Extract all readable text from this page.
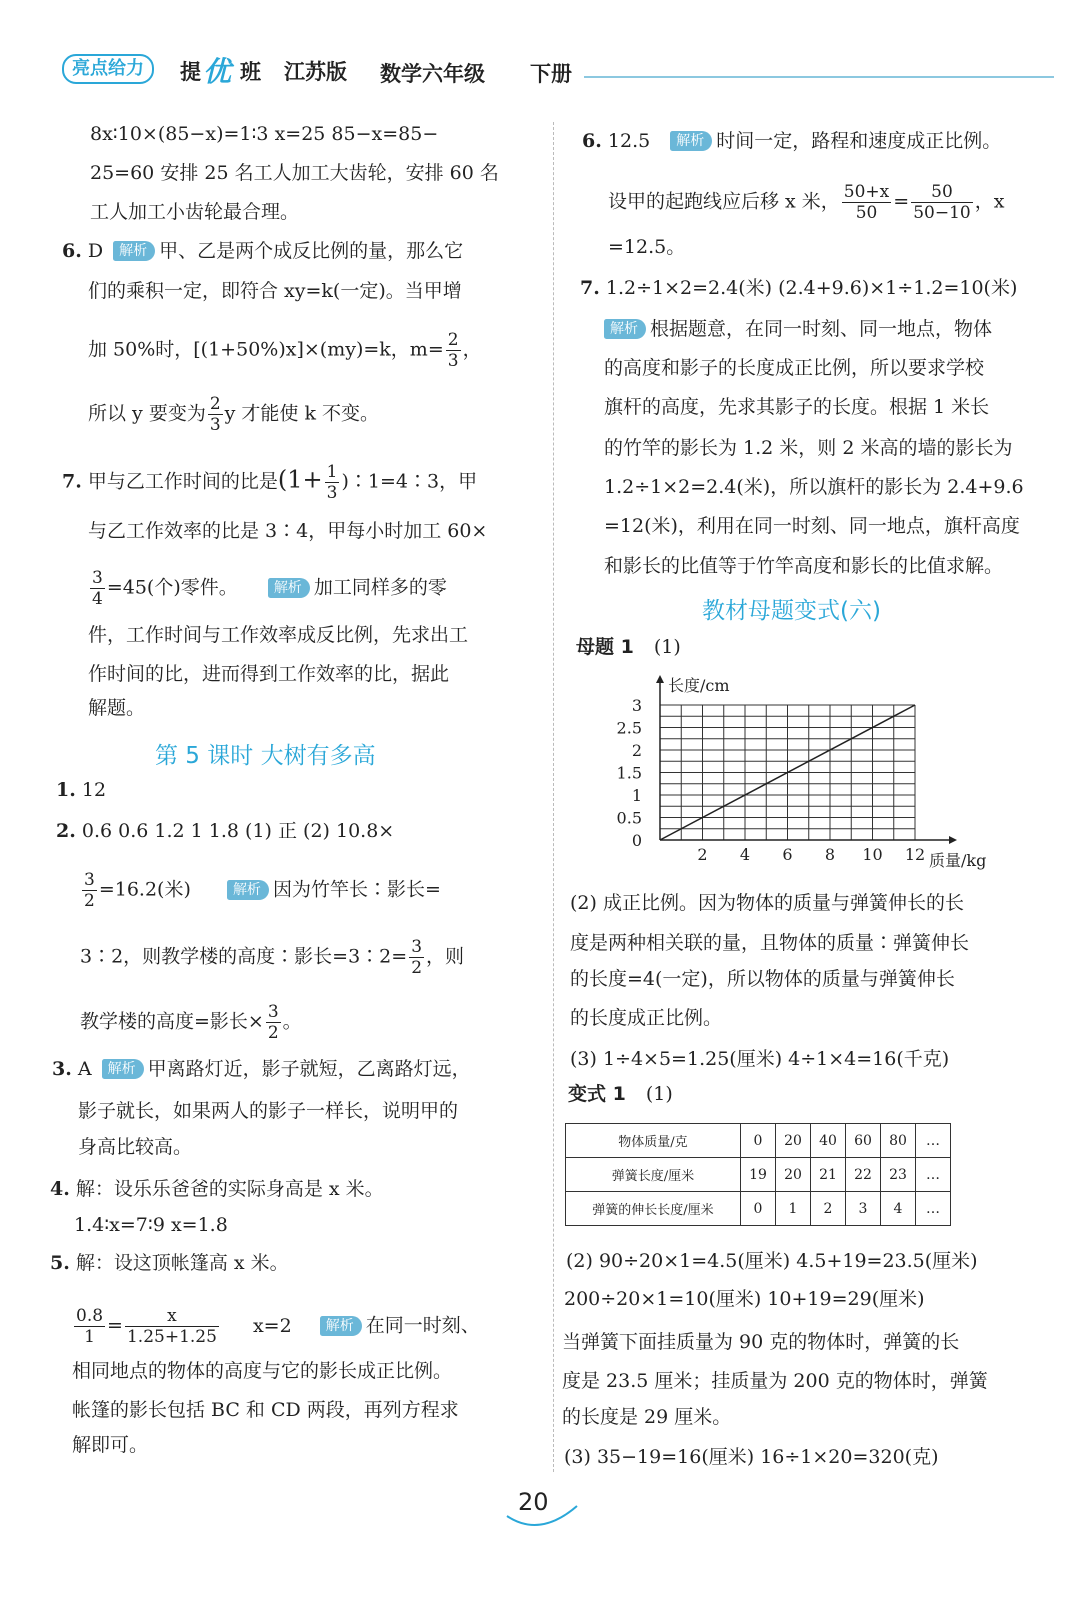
亮点给力	提 优 班 江苏版 数学六年级 下册
8x∶10×(85−x)=1∶3 x=25 85−x=85−
25=60 安排 25 名工人加工大齿轮，安排 60 名
工人加工小齿轮最合理。
6. D 解析 甲、乙是两个成反比例的量，那么它
们的乘积一定，即符合 xy=k(一定)。当甲增
加 50%时，[(1+50%)x]×(my)=k，$m= \frac{2}{3}$ ，
所以 y 要变为 $\frac{2}{3}$ y 才能使 k 不变。
7. 甲与乙工作时间的比是($1+ \frac{1}{3}$ )∶1=4∶3，甲
与乙工作效率的比是 3∶4，甲每小时加工 60×
$\frac{3}{4} =45$(个)零件。	解析 加工同样多的零
件，工作时间与工作效率成反比例，先求出工
作时间的比，进而得到工作效率的比，据此
解题。
第 5 课时 大树有多高
1. 12
2. 0.6 0.6 1.2 1 1.8 (1) 正 (2) 10.8×
$\frac{3}{2} =16.2$(米)	解析 因为竹竿长∶影长=
3∶2，则教学楼的高度∶影长=3∶2= $\frac{3}{2}$ ，则
教学楼的高度=影长× $\frac{3}{2}$ 。
3. A 解析 甲离路灯近，影子就短，乙离路灯远，
影子就长，如果两人的影子一样长，说明甲的
身高比较高。
4. 解：设乐乐爸爸的实际身高是 x 米。
1.4∶x=7∶9 x=1.8
5. 解：设这顶帐篷高 x 米。
$\frac{0.8}{1} = \frac{x}{1.25+1.25} x=2$ 解析 在同一时刻、
相同地点的物体的高度与它的影长成正比例。
帐篷的影长包括 BC 和 CD 两段，再列方程求
解即可。
6. 12.5 解析 时间一定，路程和速度成正比例。
设甲的起跑线应后移 x 米， $\frac{50+x}{50} = \frac{50}{50-10}$ ，x
=12.5。
7. 1.2÷1×2=2.4(米) (2.4+9.6)×1÷1.2=10(米)
解析 根据题意，在同一时刻、同一地点，物体
的高度和影子的长度成正比例，所以要求学校
旗杆的高度，先求其影子的长度。根据 1 米长
的竹竿的影长为 1.2 米，则 2 米高的墙的影长为
1.2÷1×2=2.4(米)，所以旗杆的影长为 2.4+9.6
=12(米)，利用在同一时刻、同一地点，旗杆高度
和影长的比值等于竹竿高度和影长的比值求解。
教材母题变式(六)
母题 1 (1)
2 4 6 8 10 12
0
0.5
1
1.5
2
2.5
3
质量/kg
长度/cm
(2) 成正比例。因为物体的质量与弹簧伸长的长
度是两种相关联的量，且物体的质量∶弹簧伸长
的长度=4(一定)，所以物体的质量与弹簧伸长
的长度成正比例。
(3) 1÷4×5=1.25(厘米) 4÷1×4=16(千克)
变式 1 (1)
物体质量/克	0	20	40	60	80	…
弹簧长度/厘米	19	20	21	22	23	…
弹簧的伸长长度/厘米	0	1	2	3	4	…
(2) 90÷20×1=4.5(厘米) 4.5+19=23.5(厘米)
200÷20×1=10(厘米) 10+19=29(厘米)
当弹簧下面挂质量为 90 克的物体时，弹簧的长
度是 23.5 厘米；挂质量为 200 克的物体时，弹簧
的长度是 29 厘米。
(3) 35−19=16(厘米) 16÷1×20=320(克)
20
